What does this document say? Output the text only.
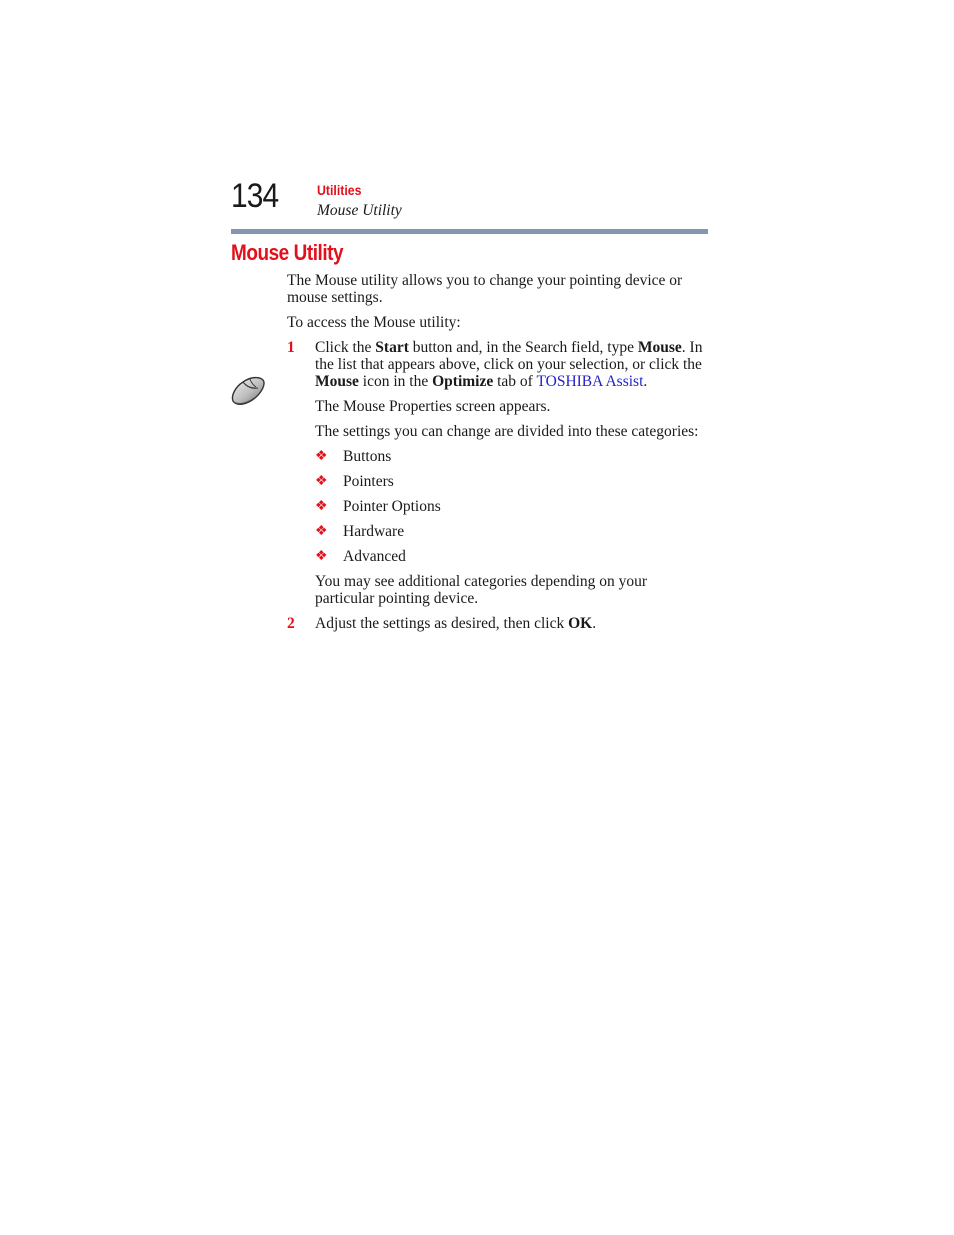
134	Utilities
Mouse Utility
Mouse Utility

The Mouse utility allows you to change your pointing device or mouse settings.

To access the Mouse utility:

1 Click the Start button and, in the Search field, type Mouse. In the list that appears above, click on your selection, or click the Mouse icon in the Optimize tab of TOSHIBA Assist.

The Mouse Properties screen appears.

The settings you can change are divided into these categories:

❖ Buttons
❖ Pointers
❖ Pointer Options
❖ Hardware
❖ Advanced

You may see additional categories depending on your particular pointing device.

2 Adjust the settings as desired, then click OK.
